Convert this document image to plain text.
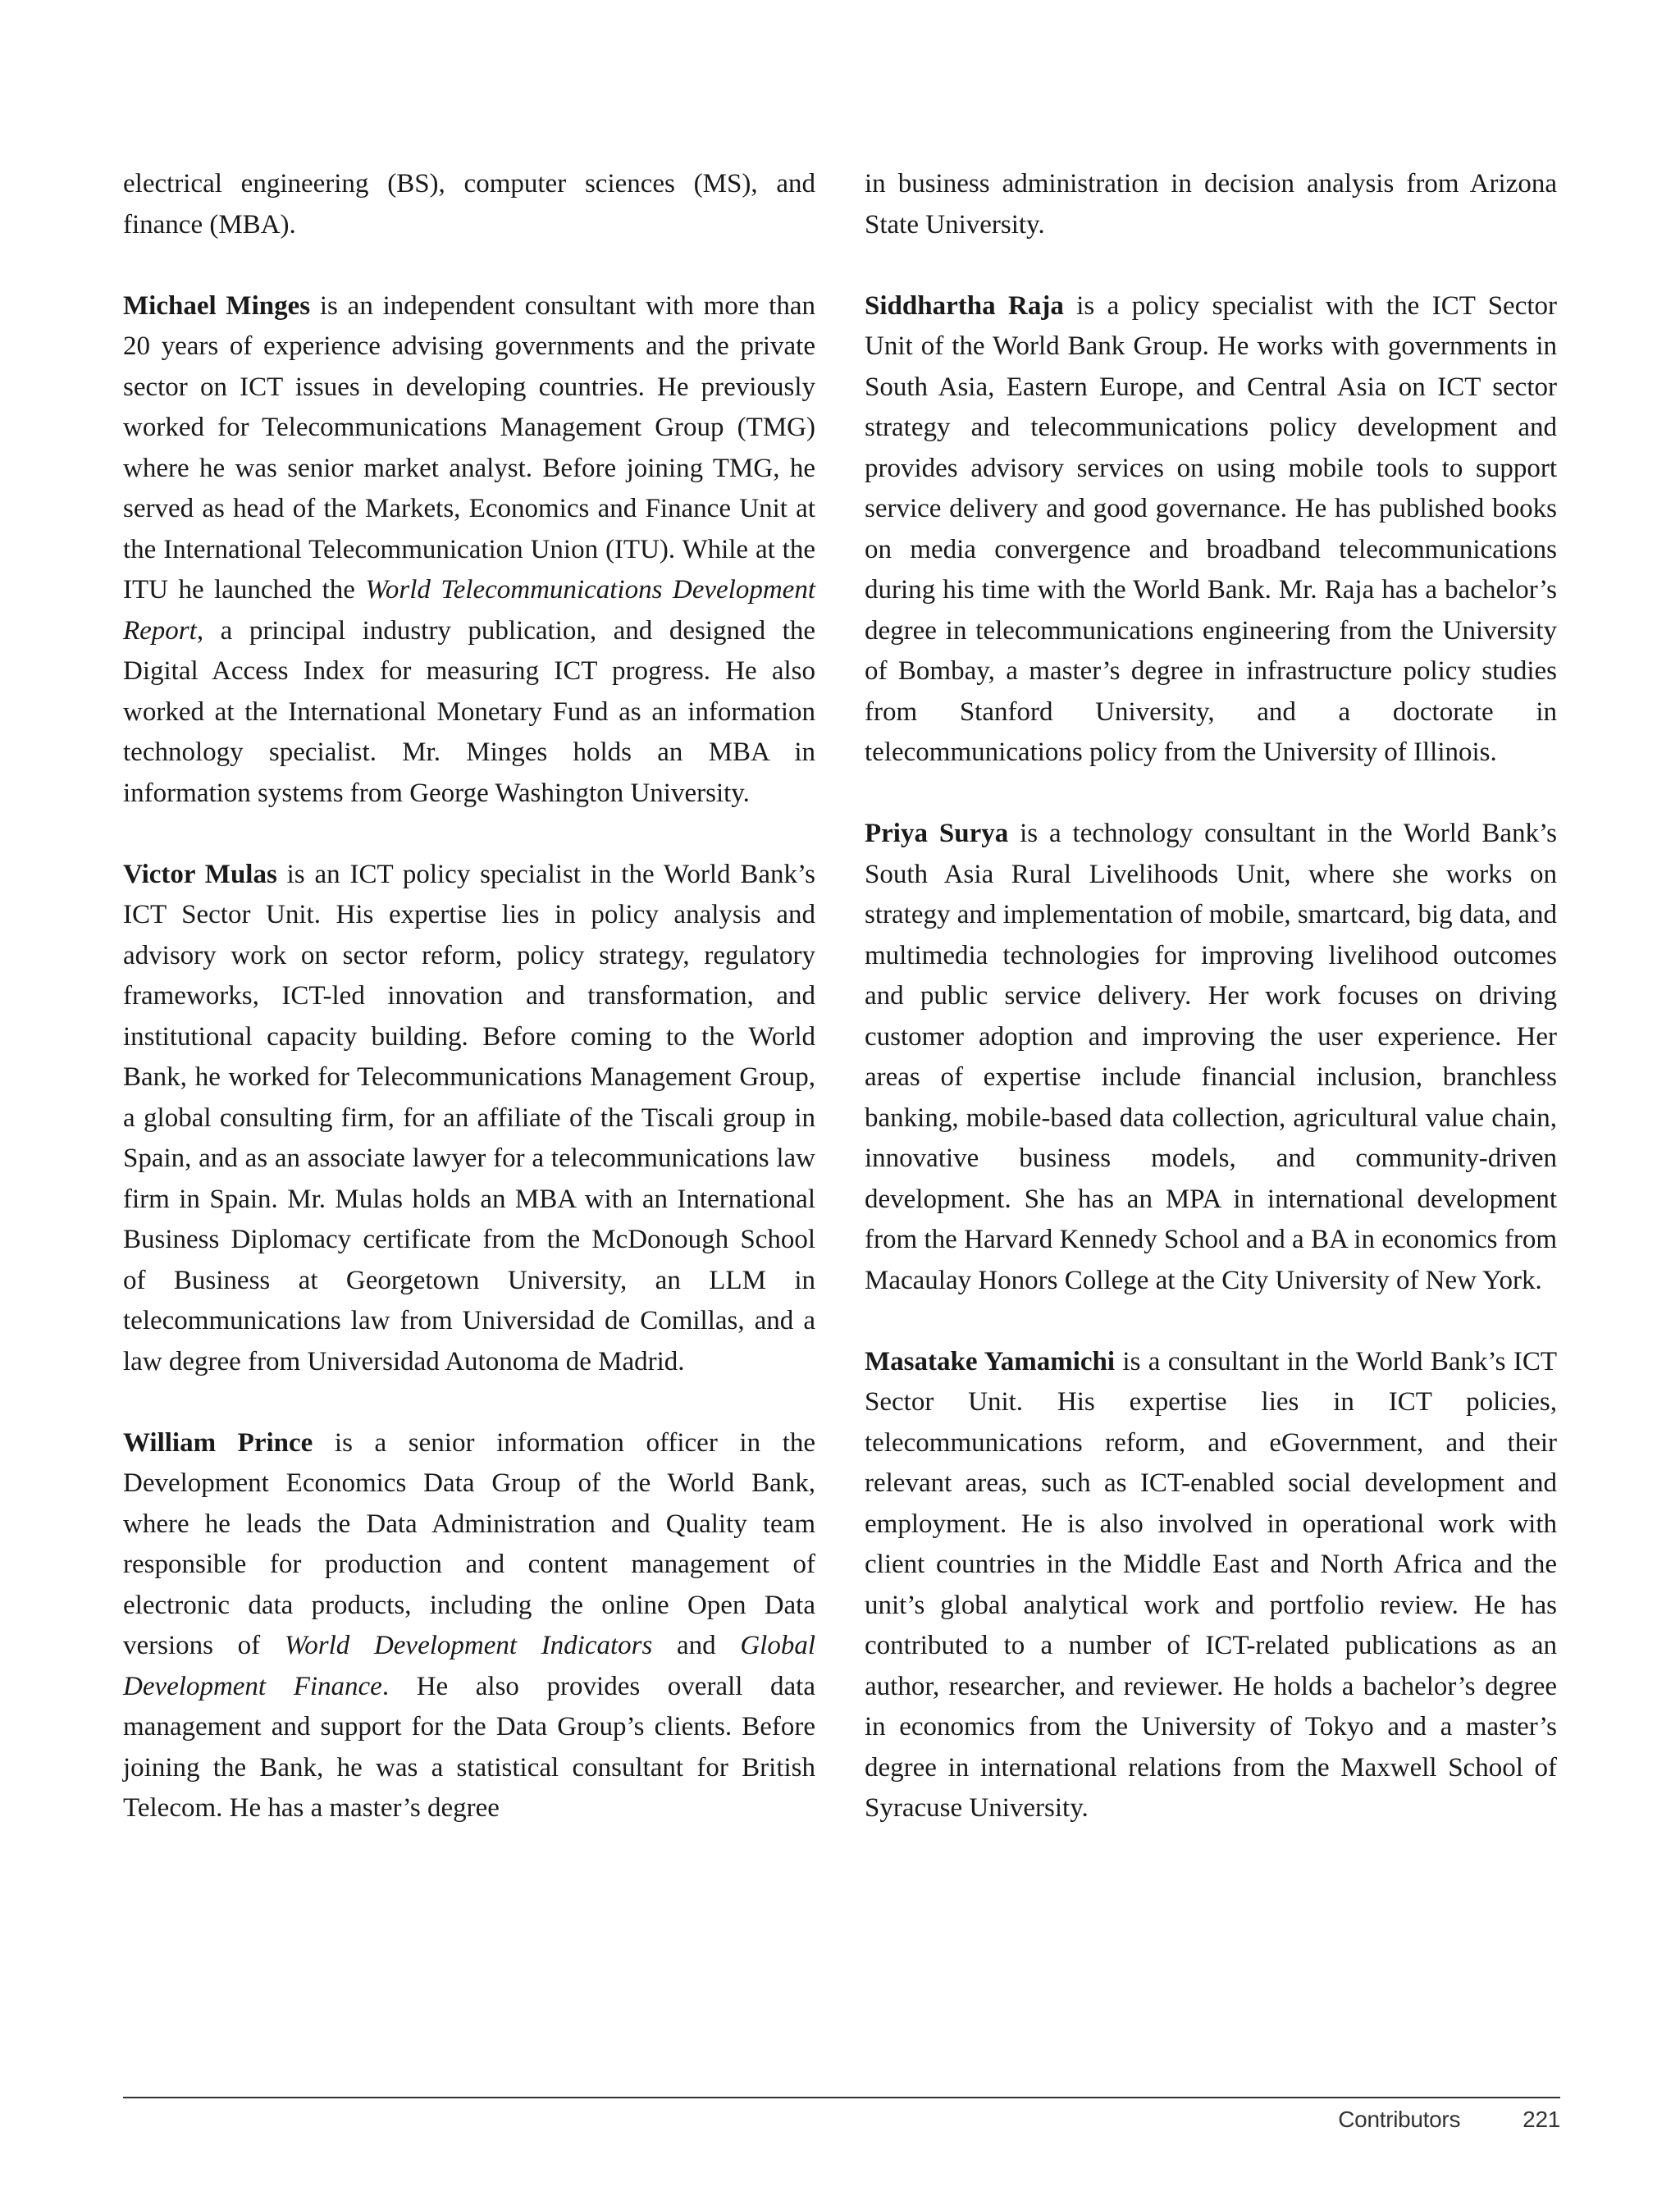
electrical engineering (BS), computer sciences (MS), and finance (MBA).

Michael Minges is an independent consultant with more than 20 years of experience advising governments and the private sector on ICT issues in developing countries. He previously worked for Telecommunications Management Group (TMG) where he was senior market analyst. Before joining TMG, he served as head of the Markets, Economics and Finance Unit at the International Telecommunication Union (ITU). While at the ITU he launched the World Telecommunications Development Report, a principal industry publication, and designed the Digital Access Index for measuring ICT progress. He also worked at the International Monetary Fund as an information technology specialist. Mr. Minges holds an MBA in information systems from George Washington University.

Victor Mulas is an ICT policy specialist in the World Bank’s ICT Sector Unit. His expertise lies in policy analysis and advisory work on sector reform, policy strategy, regulatory frameworks, ICT-led innovation and transformation, and institutional capacity building. Before coming to the World Bank, he worked for Telecommunications Management Group, a global consulting firm, for an affiliate of the Tiscali group in Spain, and as an associate lawyer for a telecommunications law firm in Spain. Mr. Mulas holds an MBA with an International Business Diplomacy certificate from the McDonough School of Business at Georgetown University, an LLM in telecommunications law from Universidad de Comillas, and a law degree from Universidad Autonoma de Madrid.

William Prince is a senior information officer in the Development Economics Data Group of the World Bank, where he leads the Data Administration and Quality team responsible for production and content management of electronic data products, including the online Open Data versions of World Development Indicators and Global Development Finance. He also provides overall data management and support for the Data Group’s clients. Before joining the Bank, he was a statistical consultant for British Telecom. He has a master’s degree

in business administration in decision analysis from Arizona State University.

Siddhartha Raja is a policy specialist with the ICT Sector Unit of the World Bank Group. He works with governments in South Asia, Eastern Europe, and Central Asia on ICT sector strategy and telecommunications policy development and provides advisory services on using mobile tools to support service delivery and good governance. He has published books on media convergence and broadband telecommunications during his time with the World Bank. Mr. Raja has a bachelor’s degree in telecommunications engineering from the University of Bombay, a master’s degree in infrastructure policy studies from Stanford University, and a doctorate in telecommunications policy from the University of Illinois.

Priya Surya is a technology consultant in the World Bank’s South Asia Rural Livelihoods Unit, where she works on strategy and implementation of mobile, smartcard, big data, and multimedia technologies for improving livelihood outcomes and public service delivery. Her work focuses on driving customer adoption and improving the user experience. Her areas of expertise include financial inclusion, branchless banking, mobile-based data collection, agricultural value chain, innovative business models, and community-driven development. She has an MPA in international development from the Harvard Kennedy School and a BA in economics from Macaulay Honors College at the City University of New York.

Masatake Yamamichi is a consultant in the World Bank’s ICT Sector Unit. His expertise lies in ICT policies, telecommunications reform, and eGovernment, and their relevant areas, such as ICT-enabled social development and employment. He is also involved in operational work with client countries in the Middle East and North Africa and the unit’s global analytical work and portfolio review. He has contributed to a number of ICT-related publications as an author, researcher, and reviewer. He holds a bachelor’s degree in economics from the University of Tokyo and a master’s degree in international relations from the Maxwell School of Syracuse University.

Contributors	221
